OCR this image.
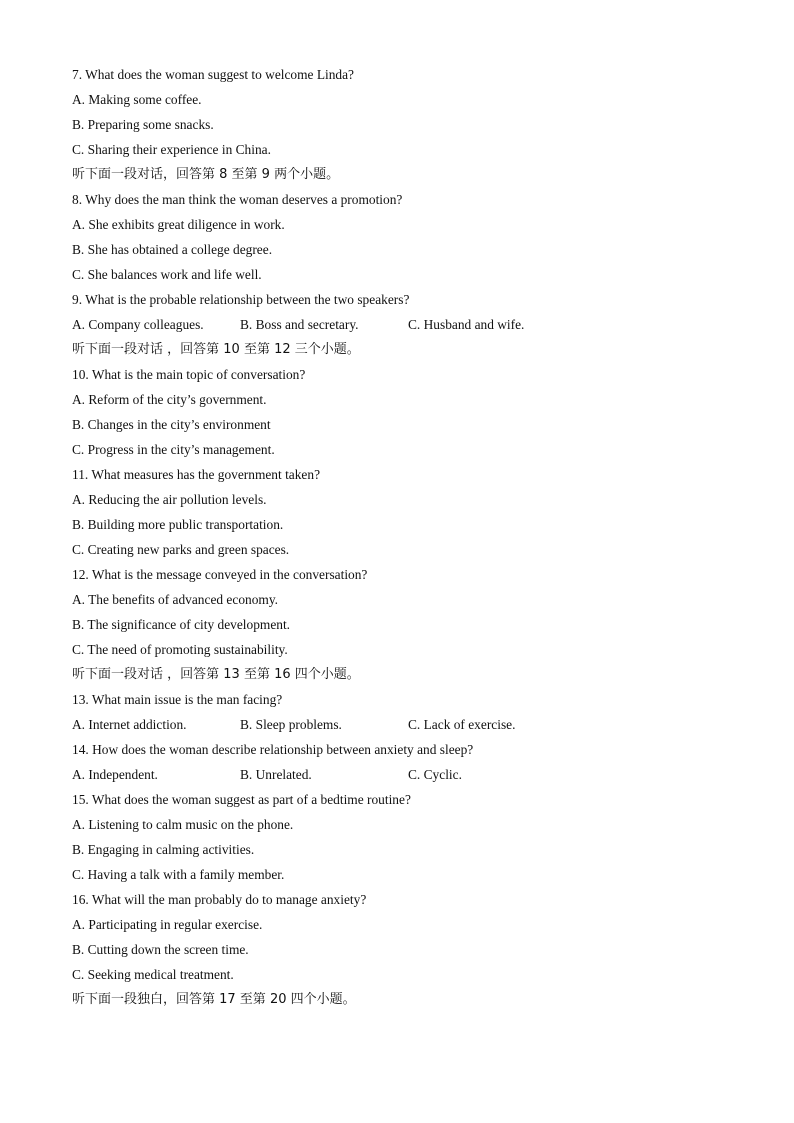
7. What does the woman suggest to welcome Linda?
A. Making some coffee.
B. Preparing some snacks.
C. Sharing their experience in China.
听下面一段对话，回答第 8 至第 9 两个小题。
8. Why does the man think the woman deserves a promotion?
A. She exhibits great diligence in work.
B. She has obtained a college degree.
C. She balances work and life well.
9. What is the probable relationship between the two speakers?
A. Company colleagues.	B. Boss and secretary.	C. Husband and wife.
听下面一段对话 ，回答第 10 至第 12 三个小题。
10. What is the main topic of conversation?
A. Reform of the city’s government.
B. Changes in the city’s environment
C. Progress in the city’s management.
11. What measures has the government taken?
A. Reducing the air pollution levels.
B. Building more public transportation.
C. Creating new parks and green spaces.
12. What is the message conveyed in the conversation?
A. The benefits of advanced economy.
B. The significance of city development.
C. The need of promoting sustainability.
听下面一段对话 ，回答第 13 至第 16 四个小题。
13. What main issue is the man facing?
A. Internet addiction.	B. Sleep problems.	C. Lack of exercise.
14. How does the woman describe relationship between anxiety and sleep?
A. Independent.	B. Unrelated.	C. Cyclic.
15. What does the woman suggest as part of a bedtime routine?
A. Listening to calm music on the phone.
B. Engaging in calming activities.
C. Having a talk with a family member.
16. What will the man probably do to manage anxiety?
A. Participating in regular exercise.
B. Cutting down the screen time.
C. Seeking medical treatment.
听下面一段独白，回答第 17 至第 20 四个小题。
